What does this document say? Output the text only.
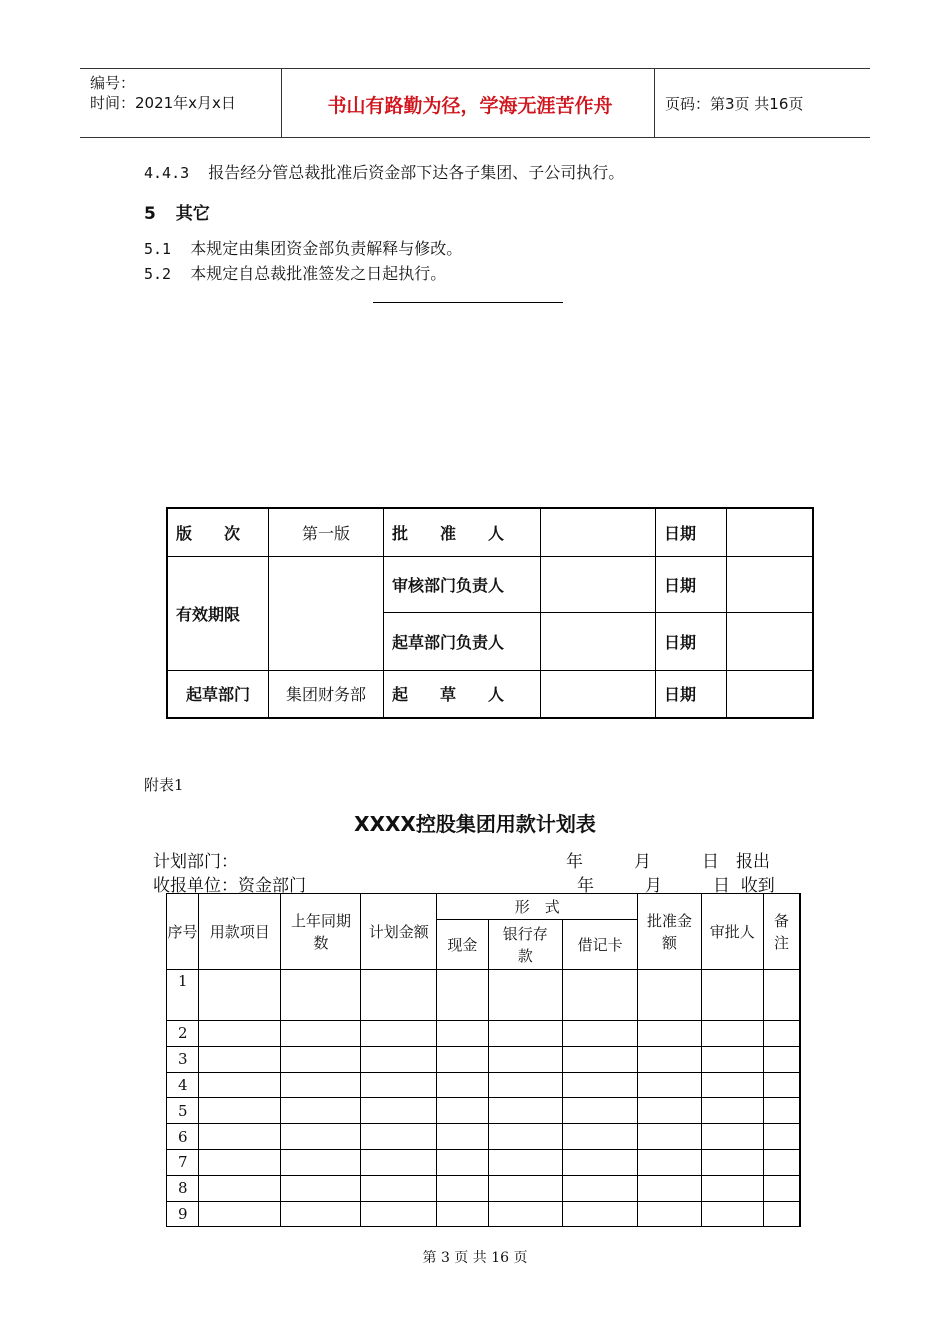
编号：
时间：2021年x月x日	书山有路勤为径，学海无涯苦作舟	页码：第3页 共16页
4.4.3 报告经分管总裁批准后资金部下达各子集团、子公司执行。
5 其它
5.1 本规定由集团资金部负责解释与修改。
5.2 本规定自总裁批准签发之日起执行。
版　　次	第一版	批　　准　　人		日期	
有效期限		审核部门负责人		日期	
		起草部门负责人		日期	
起草部门	集团财务部	起　　草　　人		日期	
附表1
XXXX控股集团用款计划表
计划部门：	年　　　月　　　日　报出
收报单位：资金部门	年　　　月　　　日  收到
序号	用款项目	上年同期数	计划金额	形　式			批准金额	审批人	备注	
				现金	银行存款	借记卡				
1										
2										
3										
4										
5										
6										
7										
8										
9										
第 3 页 共 16 页
